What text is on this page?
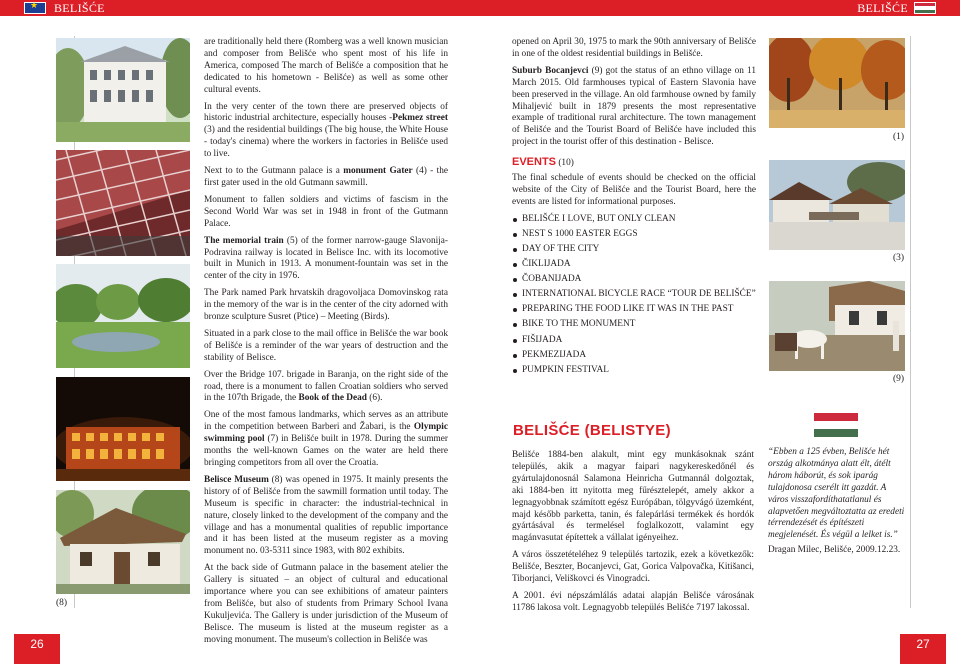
★
BELIŠĆE	BELIŠĆE
(8)

are traditionally held there (Romberg was a well known musician and composer from Belišće who spent most of his life in America, composed The march of Belišće a composition that he dedicated to his hometown - Belišće) as well as some other cultural events.

In the very center of the town there are preserved objects of historic industrial architecture, especially houses -Pekmez street (3) and the residential buildings (The big house, the White House - today's cinema) where the workers in factories in Belišće used to live.

Next to to the Gutmann palace is a monument Gater (4) - the first gater used in the old Gutmann sawmill.

Monument to fallen soldiers and victims of fascism in the Second World War was set in 1948 in front of the Gutmann Palace.

The memorial train (5) of the former narrow-gauge Slavonija-Podravina railway is located in Belisce Inc. with its locomotive built in Munich in 1913. A monument-fountain was set in the center of the city in 1976.

The Park named Park hrvatskih dragovoljaca Domovinskog rata in the memory of the war is in the center of the city adorned with bronze sculpture Susret (Ptice) – Meeting (Birds).

Situated in a park close to the mail office in Belišće the war book of Belišće is a reminder of the war years of destruction and the stability of Belisce.

Over the Bridge 107. brigade in Baranja, on the right side of the road, there is a monument to fallen Croatian soldiers who served in the 107th Brigade, the Book of the Dead (6).

One of the most famous landmarks, which serves as an attribute in the competition between Barberi and Žabari, is the Olympic swimming pool (7) in Belišće built in 1978. During the summer months the well-known Games on the water are held there bringing competitors from all over the Croatia.

Belisce Museum (8) was opened in 1975. It mainly presents the history of of Belišće from the sawmill formation until today. The Museum is specific in character: the industrial-technical in nature, closely linked to the development of the company and the village and has a monumental qualities of republic importance and it has been listed at the museum register as a moving monument no. 03-5311 since 1983, with 802 exhibits.

At the back side of Gutmann palace in the basement atelier the Gallery is situated – an object of cultural and educational importance where you can see exhibitions of amateur painters from Belišće, but also of students from Primary School Ivana Kukuljevića. The Gallery is under jurisdiction of the Museum of Belisce. The museum is listed at the museum register as a moving monument. The museum's collection in Belišće was

opened on April 30, 1975 to mark the 90th anniversary of Belišće in one of the oldest residential buildings in Belišće.

Suburb Bocanjevci (9) got the status of an ethno village on 11 March 2015. Old farmhouses typical of Eastern Slavonia have been preserved in the village. An old farmhouse owned by family Mihaljević built in 1879 presents the most representative example of traditional rural architecture. The town management of Belišće and the Tourist Board of Belišće have included this project in the tourist offer of this destination - Belisce.

EVENTS (10)

The final schedule of events should be checked on the official website of the City of Belišće and the Tourist Board, here the events are listed for informational purposes.

BELIŠĆE I LOVE, BUT ONLY CLEAN
NEST S 1000 EASTER EGGS
DAY OF THE CITY
ČIKLIJADA
ČOBANIJADA
INTERNATIONAL BICYCLE RACE “TOUR DE BELIŠĆE”
PREPARING THE FOOD LIKE IT WAS IN THE PAST
BIKE TO THE MONUMENT
FIŠIJADA
PEKMEZIJADA
PUMPKIN FESTIVAL
(1)
(3)
(9)
BELIŠĆE (BELISTYE)

Belišće 1884-ben alakult, mint egy munkásoknak szánt település, akik a magyar faipari nagykereskedőnél és gyártulajdonosnál Salamona Heinricha Gutmannál dolgoztak, aki 1884-ben itt nyitotta meg fűrésztelepét, amely akkor a legnagyobbnak számított egész Európában, tölgyvágó üzemként, majd később parketta, tanin, és falepárlási termékek és hordók gyártásával és termelésel foglalkozott, valamint egy magánvasutat építettek a vállalat igényeihez.

A város összetételéhez 9 település tartozik, ezek a következők: Belišće, Beszter, Bocanjevci, Gat, Gorica Valpovačka, Kitišanci, Tiborjanci, Veliškovci és Vinogradci.

A 2001. évi népszámlálás adatai alapján Belišće városának 11786 lakosa volt. Legnagyobb település Belišće 7197 lakossal.

“Ebben a 125 évben, Belišće hét ország alkotmánya alatt élt, átélt három háborút, és sok iparág tulajdonosa cserélt itt gazdát. A város visszafordíthatatlanul és alapvetően megváltoztatta az eredeti térrendezését és építészeti megjelenését. És végül a lelket is.”
Dragan Milec, Belišće, 2009.12.23.
26	27
